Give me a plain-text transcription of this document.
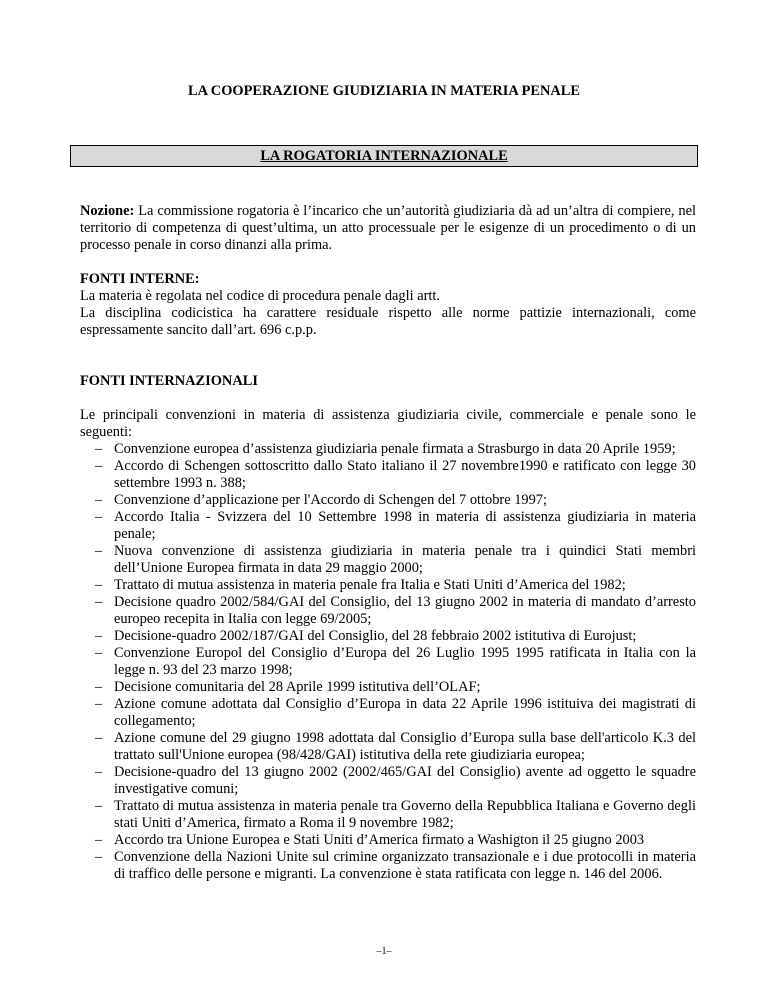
LA COOPERAZIONE GIUDIZIARIA IN MATERIA PENALE
LA ROGATORIA INTERNAZIONALE

Nozione: La commissione rogatoria è l’incarico che un’autorità giudiziaria dà ad un’altra di compiere, nel territorio di competenza di quest’ultima, un atto processuale per le esigenze di un procedimento o di un processo penale in corso dinanzi alla prima.

FONTI INTERNE:

La materia è regolata nel codice di procedura penale dagli artt.

La disciplina codicistica ha carattere residuale rispetto alle norme pattizie internazionali, come espressamente sancito dall’art. 696 c.p.p.

FONTI INTERNAZIONALI

Le principali convenzioni in materia di assistenza giudiziaria civile, commerciale e penale sono le seguenti:

– Convenzione europea d’assistenza giudiziaria penale firmata a Strasburgo in data 20 Aprile 1959;
– Accordo di Schengen sottoscritto dallo Stato italiano il 27 novembre1990 e ratificato con legge 30 settembre 1993 n. 388;
– Convenzione d’applicazione per l'Accordo di Schengen del 7 ottobre 1997;
– Accordo Italia - Svizzera del 10 Settembre 1998 in materia di assistenza giudiziaria in materia penale;
– Nuova convenzione di assistenza giudiziaria in materia penale tra i quindici Stati membri dell’Unione Europea firmata in data 29 maggio 2000;
– Trattato di mutua assistenza in materia penale fra Italia e Stati Uniti d’America del 1982;
– Decisione quadro 2002/584/GAI del Consiglio, del 13 giugno 2002 in materia di mandato d’arresto europeo recepita in Italia con legge 69/2005;
– Decisione-quadro 2002/187/GAI del Consiglio, del 28 febbraio 2002 istitutiva di Eurojust;
– Convenzione Europol del Consiglio d’Europa del 26 Luglio 1995 1995 ratificata in Italia con la legge n. 93 del 23 marzo 1998;
– Decisione comunitaria del 28 Aprile 1999 istitutiva dell’OLAF;
– Azione comune adottata dal Consiglio d’Europa in data 22 Aprile 1996 istituiva dei magistrati di collegamento;
– Azione comune del 29 giugno 1998 adottata dal Consiglio d’Europa sulla base dell'articolo K.3 del trattato sull'Unione europea (98/428/GAI) istitutiva della rete giudiziaria europea;
– Decisione-quadro del 13 giugno 2002 (2002/465/GAI del Consiglio) avente ad oggetto le squadre investigative comuni;
– Trattato di mutua assistenza in materia penale tra Governo della Repubblica Italiana e Governo degli stati Uniti d’America, firmato a Roma il 9 novembre 1982;
– Accordo tra Unione Europea e Stati Uniti d’America firmato a Washigton il 25 giugno 2003
– Convenzione della Nazioni Unite sul crimine organizzato transazionale e i due protocolli in materia di traffico delle persone e migranti. La convenzione è stata ratificata con legge n. 146 del 2006.
–1–
